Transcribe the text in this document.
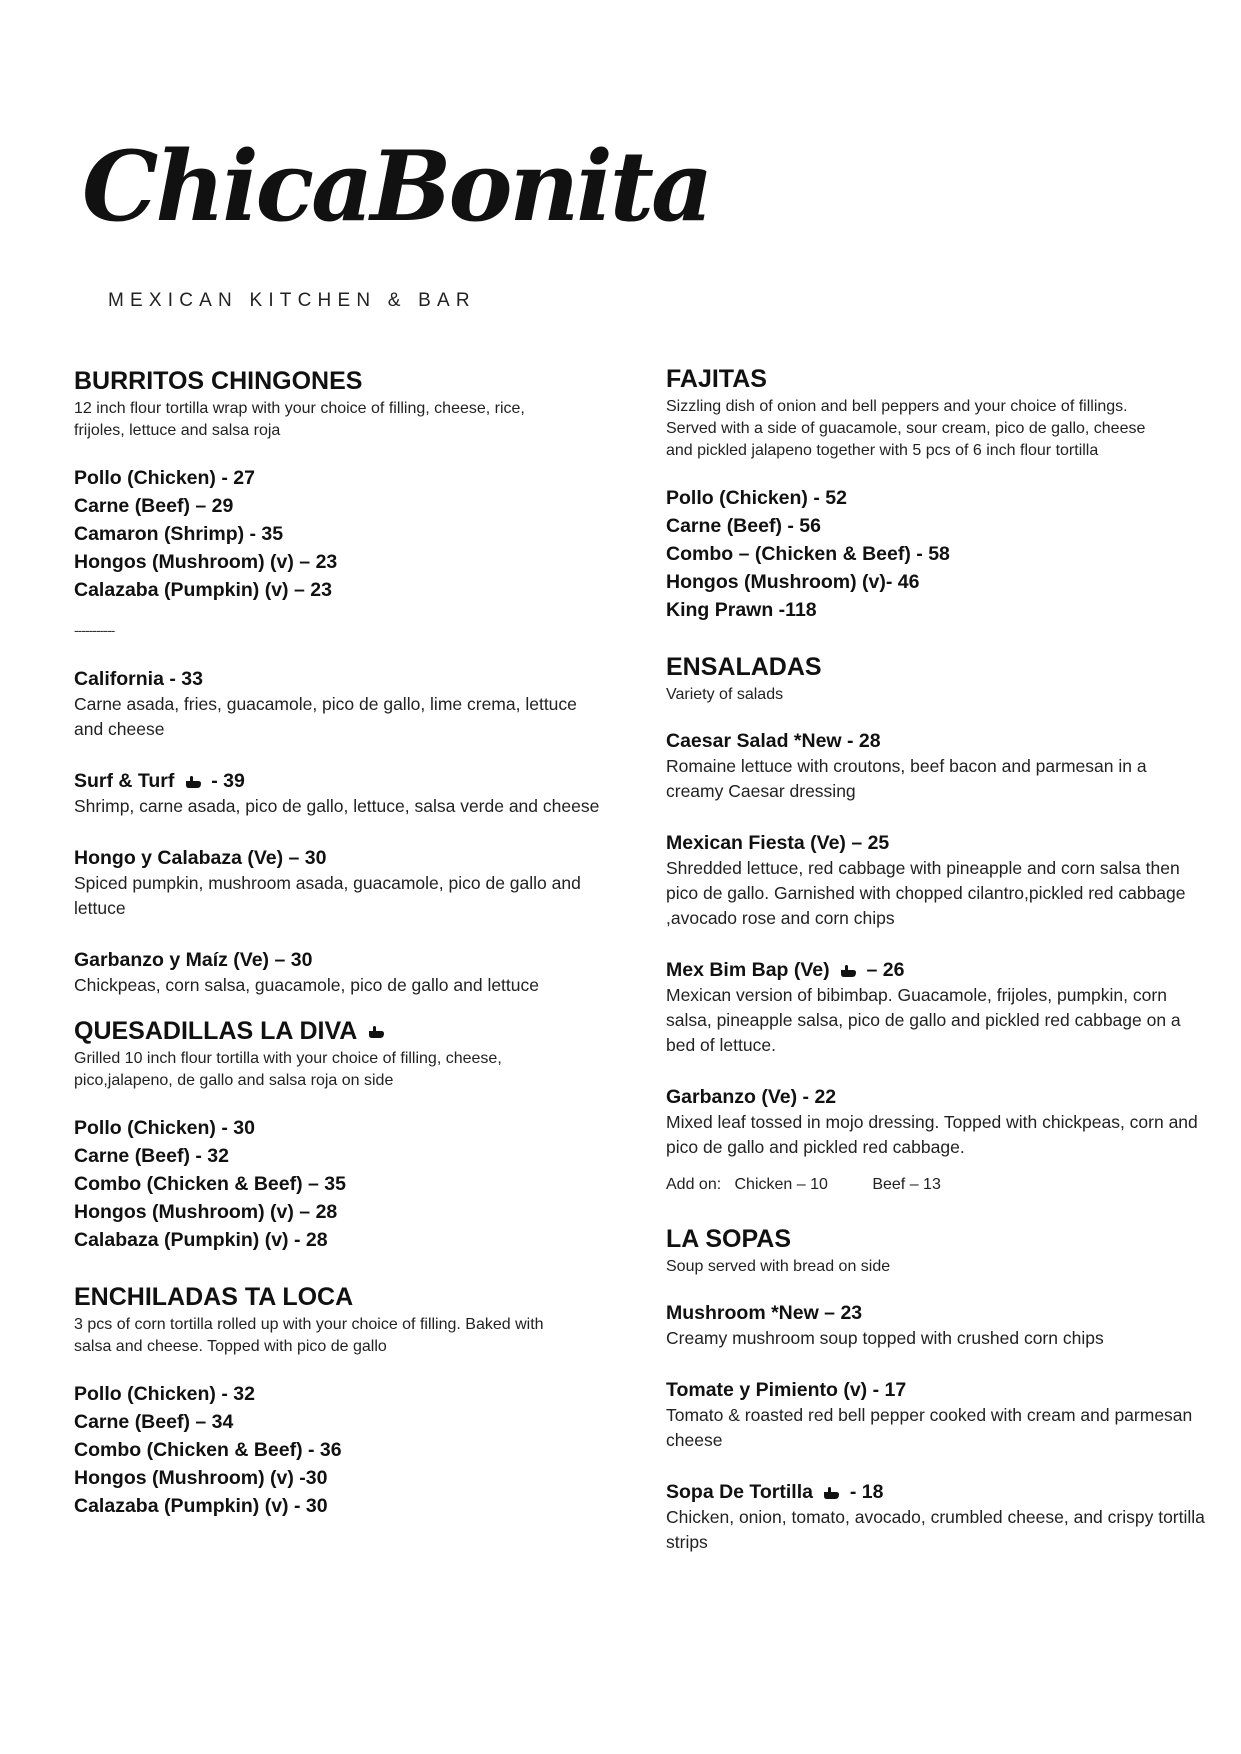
ChicaBonita
MEXICAN KITCHEN & BAR
BURRITOS CHINGONES

12 inch flour tortilla wrap with your choice of filling, cheese, rice,
frijoles, lettuce and salsa roja

Pollo (Chicken) - 27
Carne (Beef) – 29
Camaron (Shrimp) - 35
Hongos (Mushroom) (v) – 23
Calazaba (Pumpkin) (v) – 23
-----------
California - 33
Carne asada, fries, guacamole, pico de gallo, lime crema, lettuce and cheese
Surf & Turf - 39
Shrimp, carne asada, pico de gallo, lettuce, salsa verde and cheese
Hongo y Calabaza (Ve) – 30
Spiced pumpkin, mushroom asada, guacamole, pico de gallo and lettuce
Garbanzo y Maíz (Ve) – 30
Chickpeas, corn salsa, guacamole, pico de gallo and lettuce
QUESADILLAS LA DIVA

Grilled 10 inch flour tortilla with your choice of filling, cheese,
pico,jalapeno, de gallo and salsa roja on side

Pollo (Chicken) - 30
Carne (Beef) - 32
Combo (Chicken & Beef) – 35
Hongos (Mushroom) (v) – 28
Calabaza (Pumpkin) (v) - 28
ENCHILADAS TA LOCA

3 pcs of corn tortilla rolled up with your choice of filling. Baked with
salsa and cheese. Topped with pico de gallo

Pollo (Chicken) - 32
Carne (Beef) – 34
Combo (Chicken & Beef) - 36
Hongos (Mushroom) (v) -30
Calazaba (Pumpkin) (v) - 30
FAJITAS

Sizzling dish of onion and bell peppers and your choice of fillings.
Served with a side of guacamole, sour cream, pico de gallo, cheese
and pickled jalapeno together with 5 pcs of 6 inch flour tortilla

Pollo (Chicken) - 52
Carne (Beef) - 56
Combo – (Chicken & Beef) - 58
Hongos (Mushroom) (v)- 46
King Prawn -118
ENSALADAS

Variety of salads

Caesar Salad *New - 28
Romaine lettuce with croutons, beef bacon and parmesan in a creamy Caesar dressing
Mexican Fiesta (Ve) – 25
Shredded lettuce, red cabbage with pineapple and corn salsa then pico de gallo. Garnished with chopped cilantro,pickled red cabbage ,avocado rose and corn chips
Mex Bim Bap (Ve) – 26
Mexican version of bibimbap. Guacamole, frijoles, pumpkin, corn salsa, pineapple salsa, pico de gallo and pickled red cabbage on a bed of lettuce.
Garbanzo (Ve) - 22
Mixed leaf tossed in mojo dressing. Topped with chickpeas, corn and pico de gallo and pickled red cabbage.
Add on:   Chicken – 10          Beef – 13
LA SOPAS

Soup served with bread on side

Mushroom *New – 23
Creamy mushroom soup topped with crushed corn chips
Tomate y Pimiento (v) - 17
Tomato & roasted red bell pepper cooked with cream and parmesan cheese
Sopa De Tortilla - 18
Chicken, onion, tomato, avocado, crumbled cheese, and crispy tortilla strips
